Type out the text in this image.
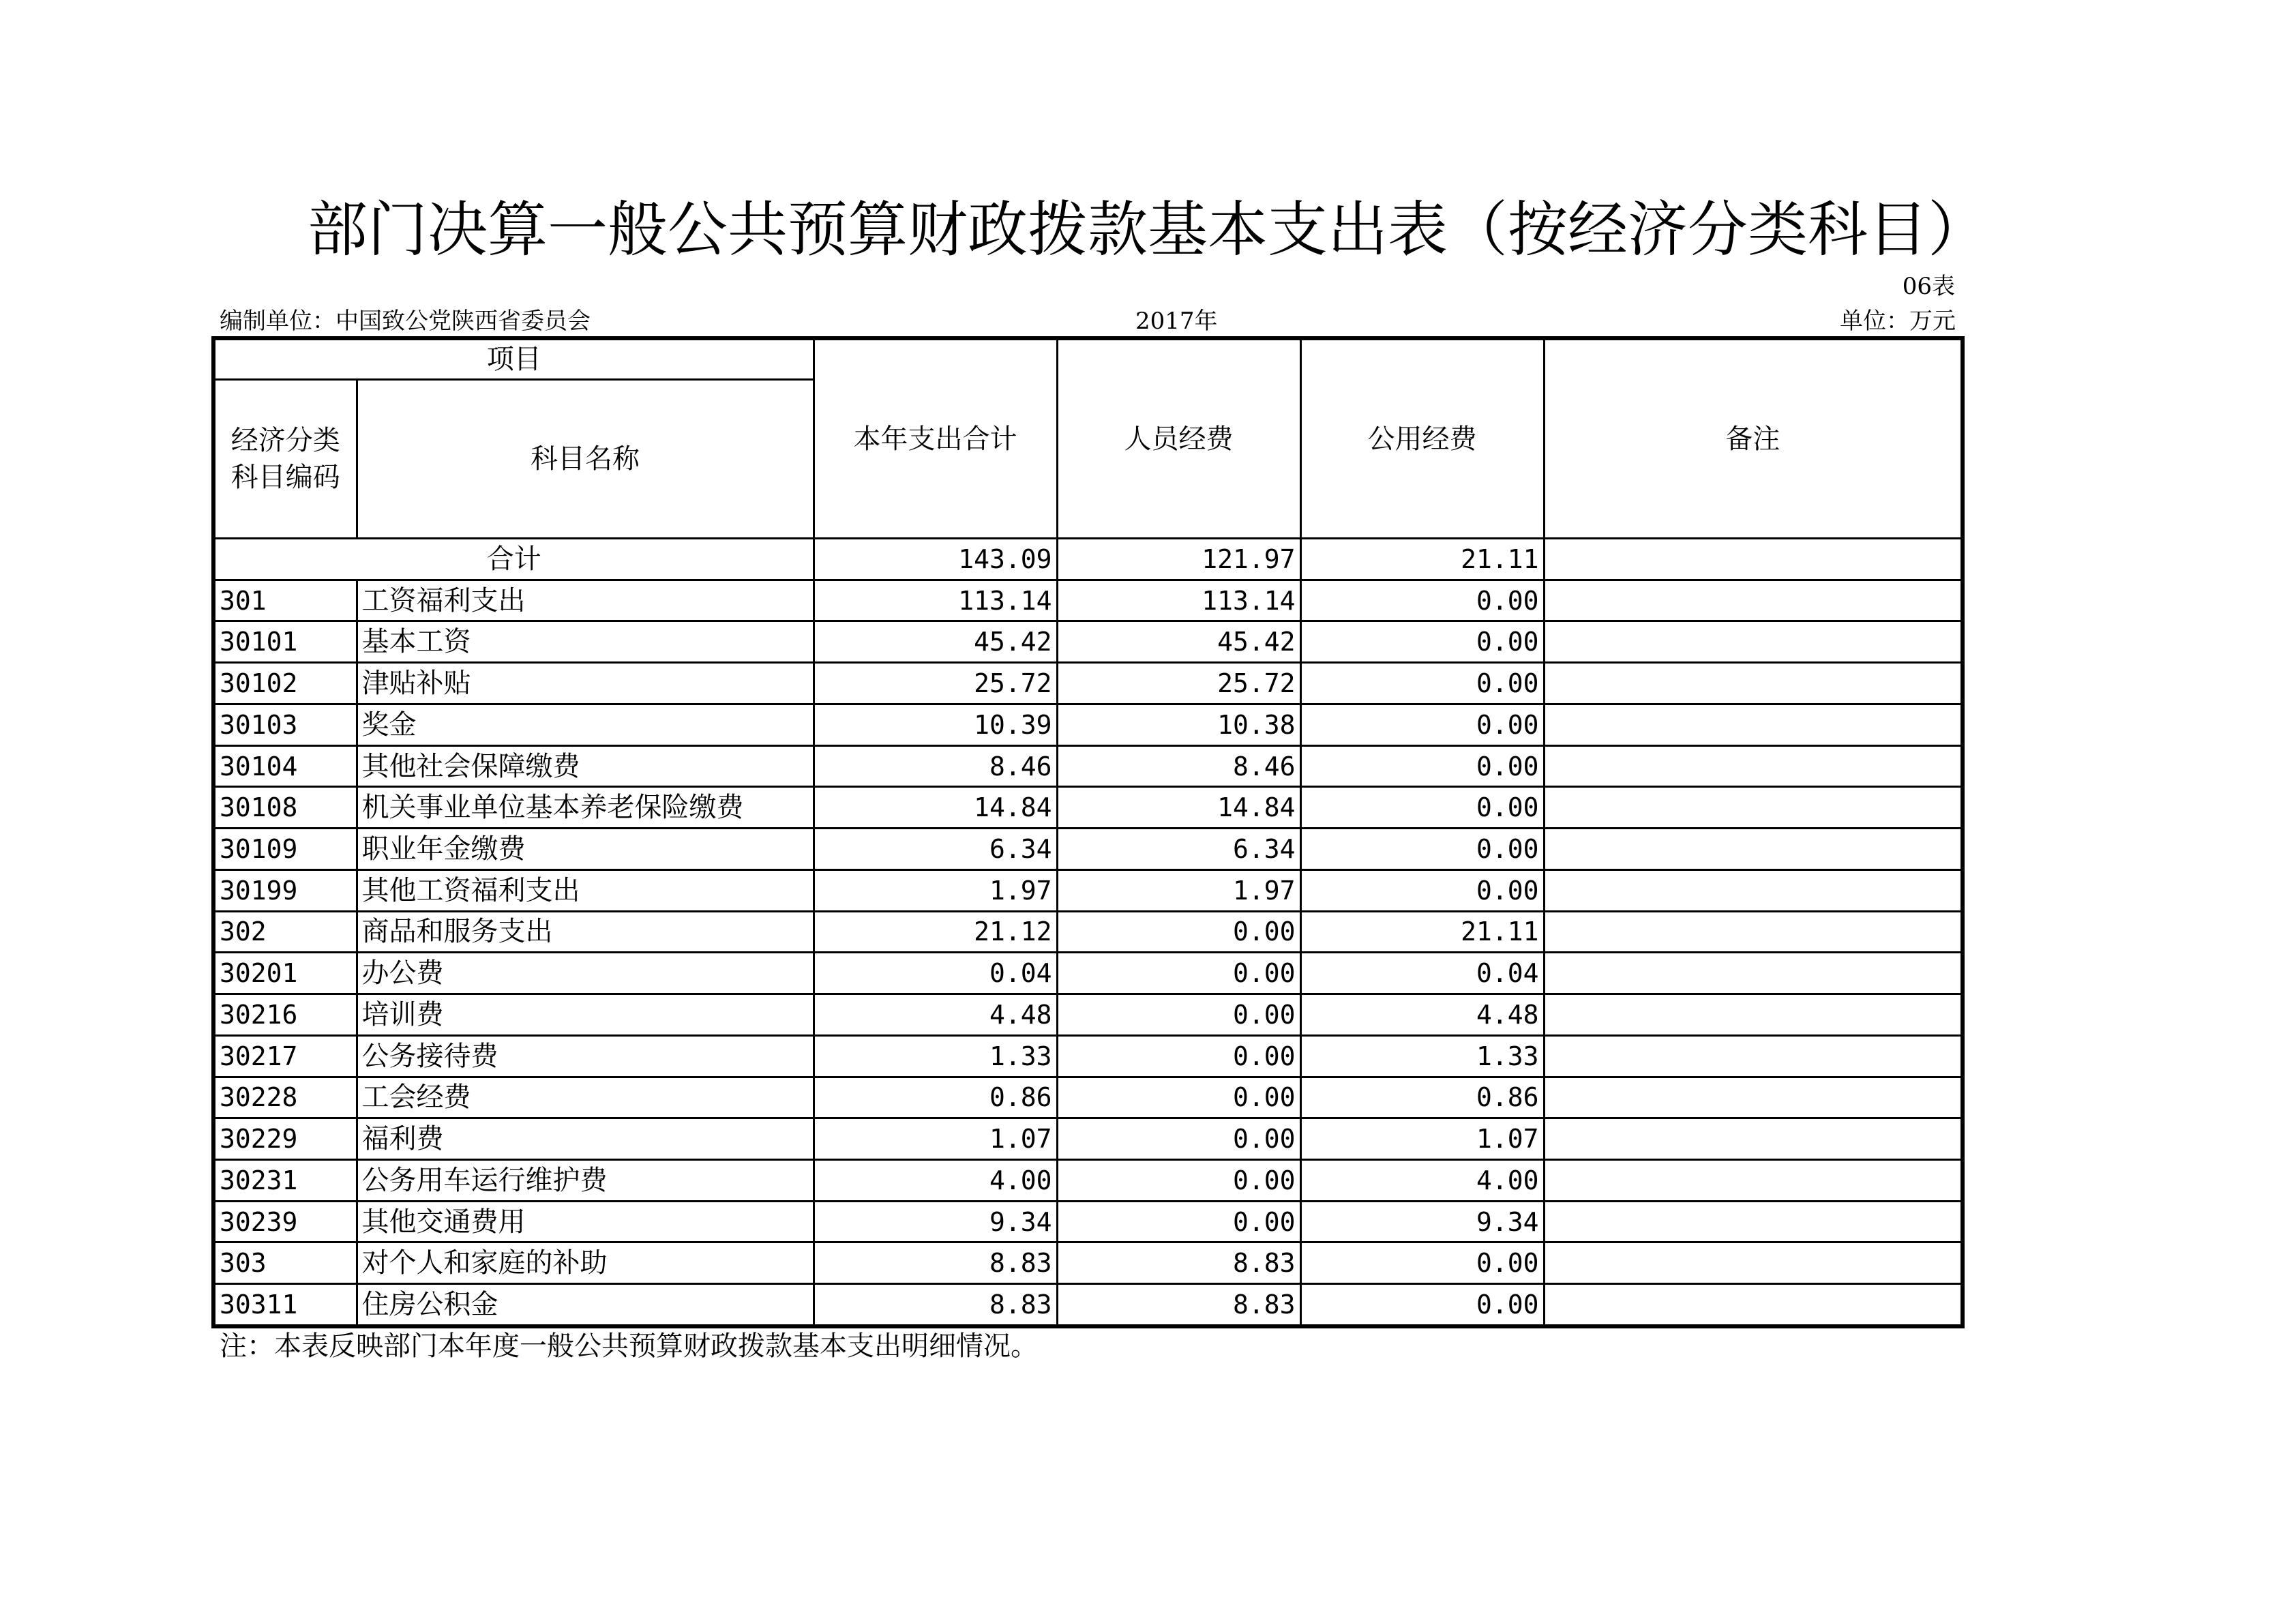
部门决算一般公共预算财政拨款基本支出表（按经济分类科目）
06表
编制单位：中国致公党陕西省委员会	2017年	单位：万元
项目		本年支出合计	人员经费	公用经费	备注

经济分类
科目编码	科目名称				
合计		143.09	121.97	21.11	
301	工资福利支出	113.14	113.14	0.00	
30101	基本工资	45.42	45.42	0.00	
30102	津贴补贴	25.72	25.72	0.00	
30103	奖金	10.39	10.38	0.00	
30104	其他社会保障缴费	8.46	8.46	0.00	
30108	机关事业单位基本养老保险缴费	14.84	14.84	0.00	
30109	职业年金缴费	6.34	6.34	0.00	
30199	其他工资福利支出	1.97	1.97	0.00	
302	商品和服务支出	21.12	0.00	21.11	
30201	办公费	0.04	0.00	0.04	
30216	培训费	4.48	0.00	4.48	
30217	公务接待费	1.33	0.00	1.33	
30228	工会经费	0.86	0.00	0.86	
30229	福利费	1.07	0.00	1.07	
30231	公务用车运行维护费	4.00	0.00	4.00	
30239	其他交通费用	9.34	0.00	9.34	
303	对个人和家庭的补助	8.83	8.83	0.00	
30311	住房公积金	8.83	8.83	0.00	
注：本表反映部门本年度一般公共预算财政拨款基本支出明细情况。
